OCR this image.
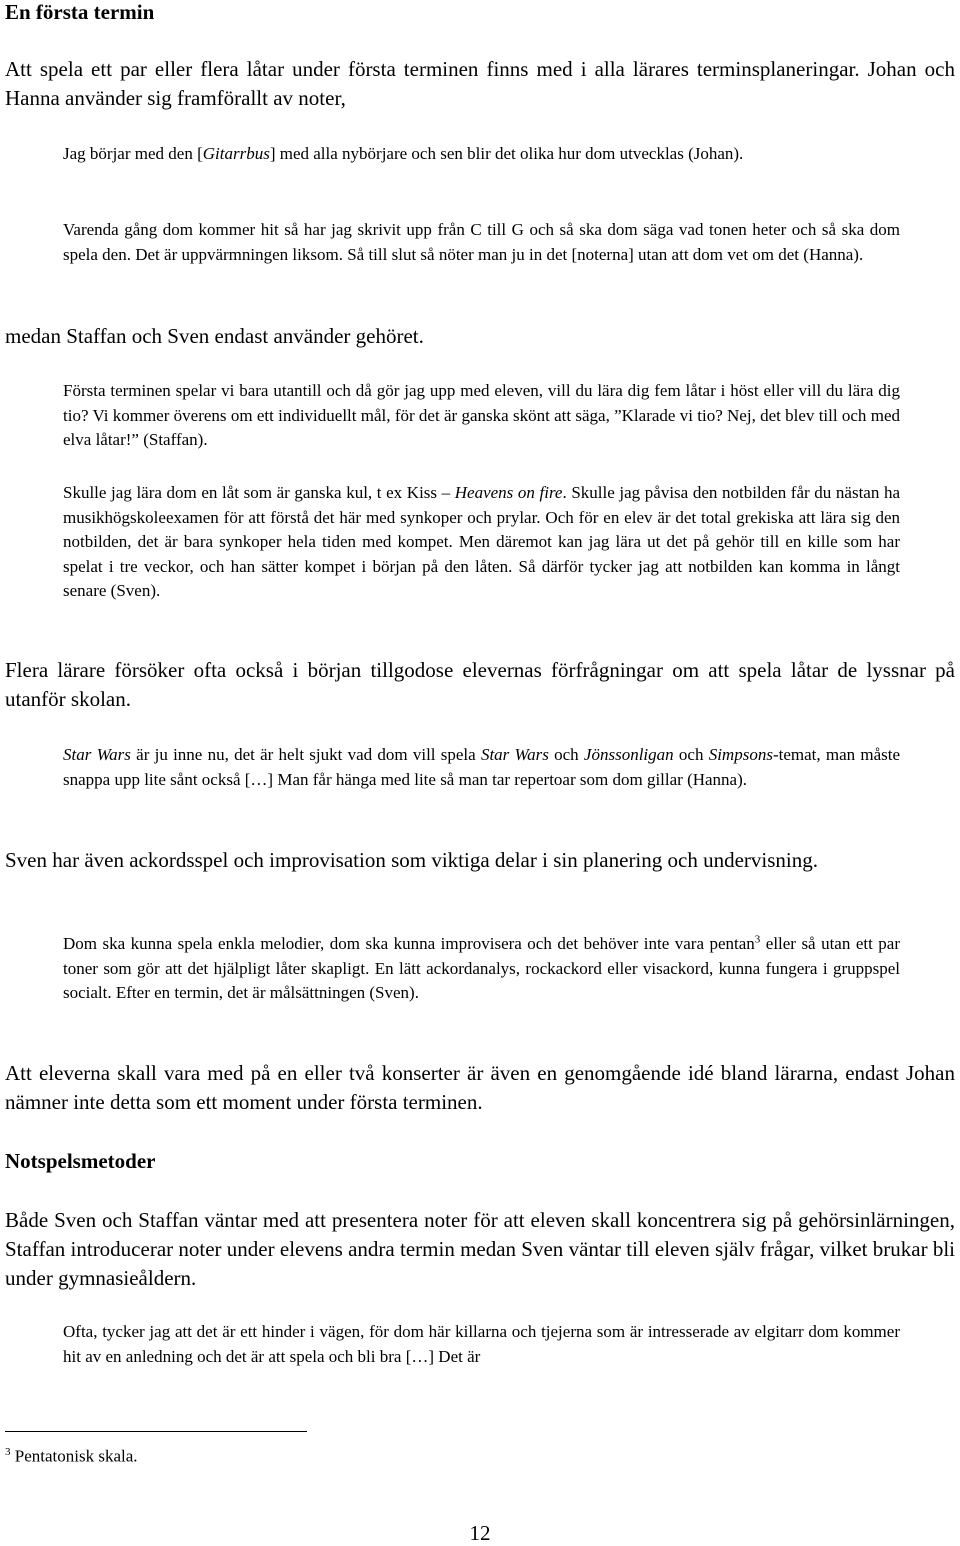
En första termin

Att spela ett par eller flera låtar under första terminen finns med i alla lärares terminsplaneringar. Johan och Hanna använder sig framförallt av noter,

Jag börjar med den [Gitarrbus] med alla nybörjare och sen blir det olika hur dom utvecklas (Johan).

Varenda gång dom kommer hit så har jag skrivit upp från C till G och så ska dom säga vad tonen heter och så ska dom spela den. Det är uppvärmningen liksom. Så till slut så nöter man ju in det [noterna] utan att dom vet om det (Hanna).

medan Staffan och Sven endast använder gehöret.

Första terminen spelar vi bara utantill och då gör jag upp med eleven, vill du lära dig fem låtar i höst eller vill du lära dig tio? Vi kommer överens om ett individuellt mål, för det är ganska skönt att säga, ”Klarade vi tio? Nej, det blev till och med elva låtar!” (Staffan).

Skulle jag lära dom en låt som är ganska kul, t ex Kiss – Heavens on fire. Skulle jag påvisa den notbilden får du nästan ha musikhögskoleexamen för att förstå det här med synkoper och prylar. Och för en elev är det total grekiska att lära sig den notbilden, det är bara synkoper hela tiden med kompet. Men däremot kan jag lära ut det på gehör till en kille som har spelat i tre veckor, och han sätter kompet i början på den låten. Så därför tycker jag att notbilden kan komma in långt senare (Sven).

Flera lärare försöker ofta också i början tillgodose elevernas förfrågningar om att spela låtar de lyssnar på utanför skolan.

Star Wars är ju inne nu, det är helt sjukt vad dom vill spela Star Wars och Jönssonligan och Simpsons-temat, man måste snappa upp lite sånt också […] Man får hänga med lite så man tar repertoar som dom gillar (Hanna).

Sven har även ackordsspel och improvisation som viktiga delar i sin planering och undervisning.

Dom ska kunna spela enkla melodier, dom ska kunna improvisera och det behöver inte vara pentan$^3$ eller så utan ett par toner som gör att det hjälpligt låter skapligt. En lätt ackordanalys, rockackord eller visackord, kunna fungera i gruppspel socialt. Efter en termin, det är målsättningen (Sven).

Att eleverna skall vara med på en eller två konserter är även en genomgående idé bland lärarna, endast Johan nämner inte detta som ett moment under första terminen.

Notspelsmetoder

Både Sven och Staffan väntar med att presentera noter för att eleven skall koncentrera sig på gehörsinlärningen, Staffan introducerar noter under elevens andra termin medan Sven väntar till eleven själv frågar, vilket brukar bli under gymnasieåldern.

Ofta, tycker jag att det är ett hinder i vägen, för dom här killarna och tjejerna som är intresserade av elgitarr dom kommer hit av en anledning och det är att spela och bli bra […] Det är

$^3$ Pentatonisk skala.
12
